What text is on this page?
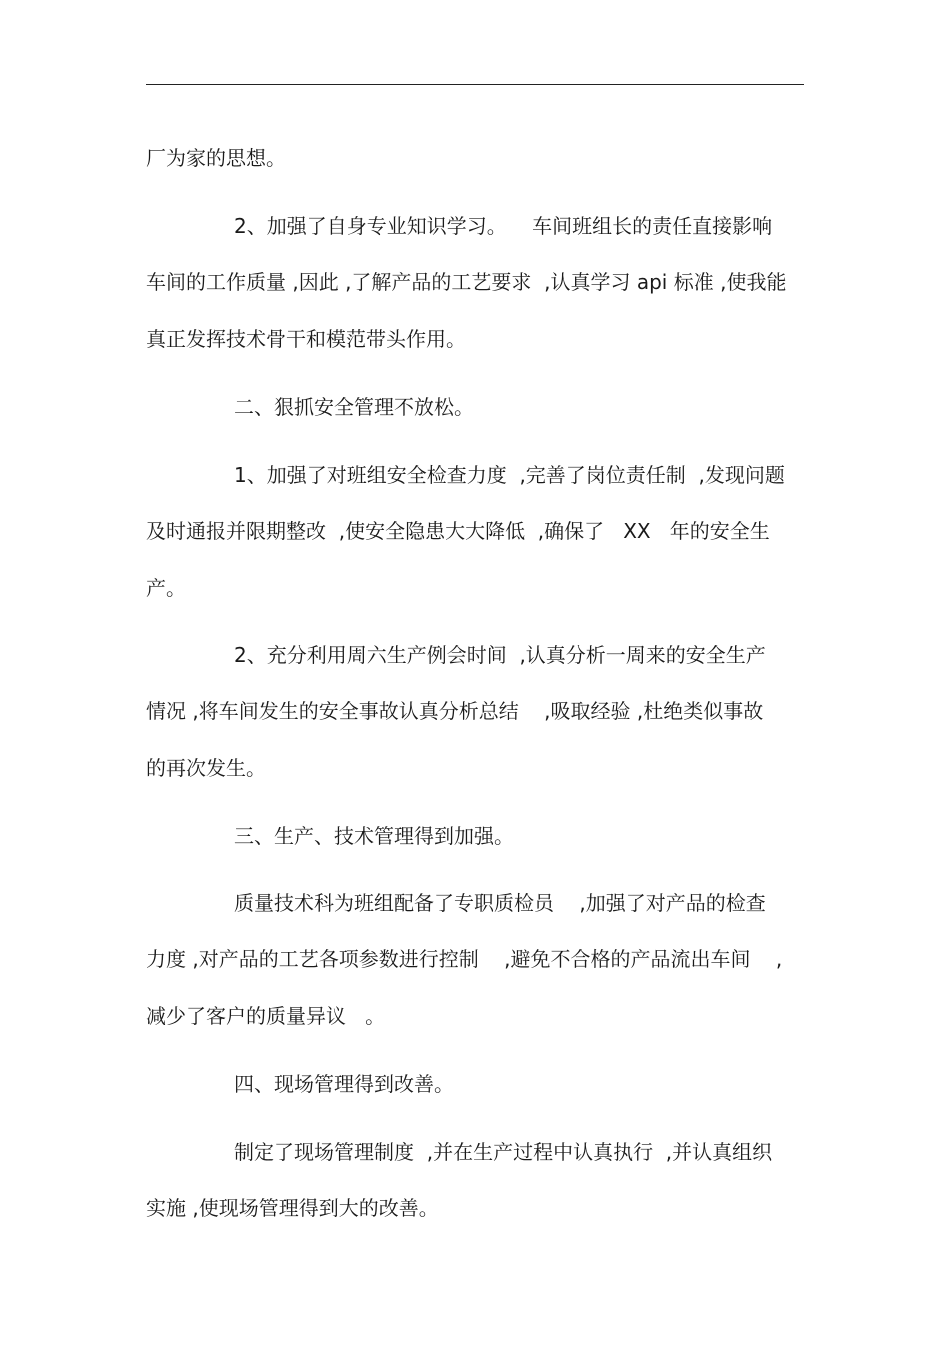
厂为家的思想。

2、加强了自身专业知识学习。    车间班组长的责任直接影响

车间的工作质量 ,因此 ,了解产品的工艺要求  ,认真学习 api 标准 ,使我能

真正发挥技术骨干和模范带头作用。

二、狠抓安全管理不放松。

1、加强了对班组安全检查力度  ,完善了岗位责任制  ,发现问题

及时通报并限期整改  ,使安全隐患大大降低  ,确保了   XX   年的安全生

产。

2、充分利用周六生产例会时间  ,认真分析一周来的安全生产

情况 ,将车间发生的安全事故认真分析总结    ,吸取经验 ,杜绝类似事故

的再次发生。

三、生产、技术管理得到加强。

质量技术科为班组配备了专职质检员    ,加强了对产品的检查

力度 ,对产品的工艺各项参数进行控制    ,避免不合格的产品流出车间    ,

减少了客户的质量异议   。

四、现场管理得到改善。

制定了现场管理制度  ,并在生产过程中认真执行  ,并认真组织

实施 ,使现场管理得到大的改善。
